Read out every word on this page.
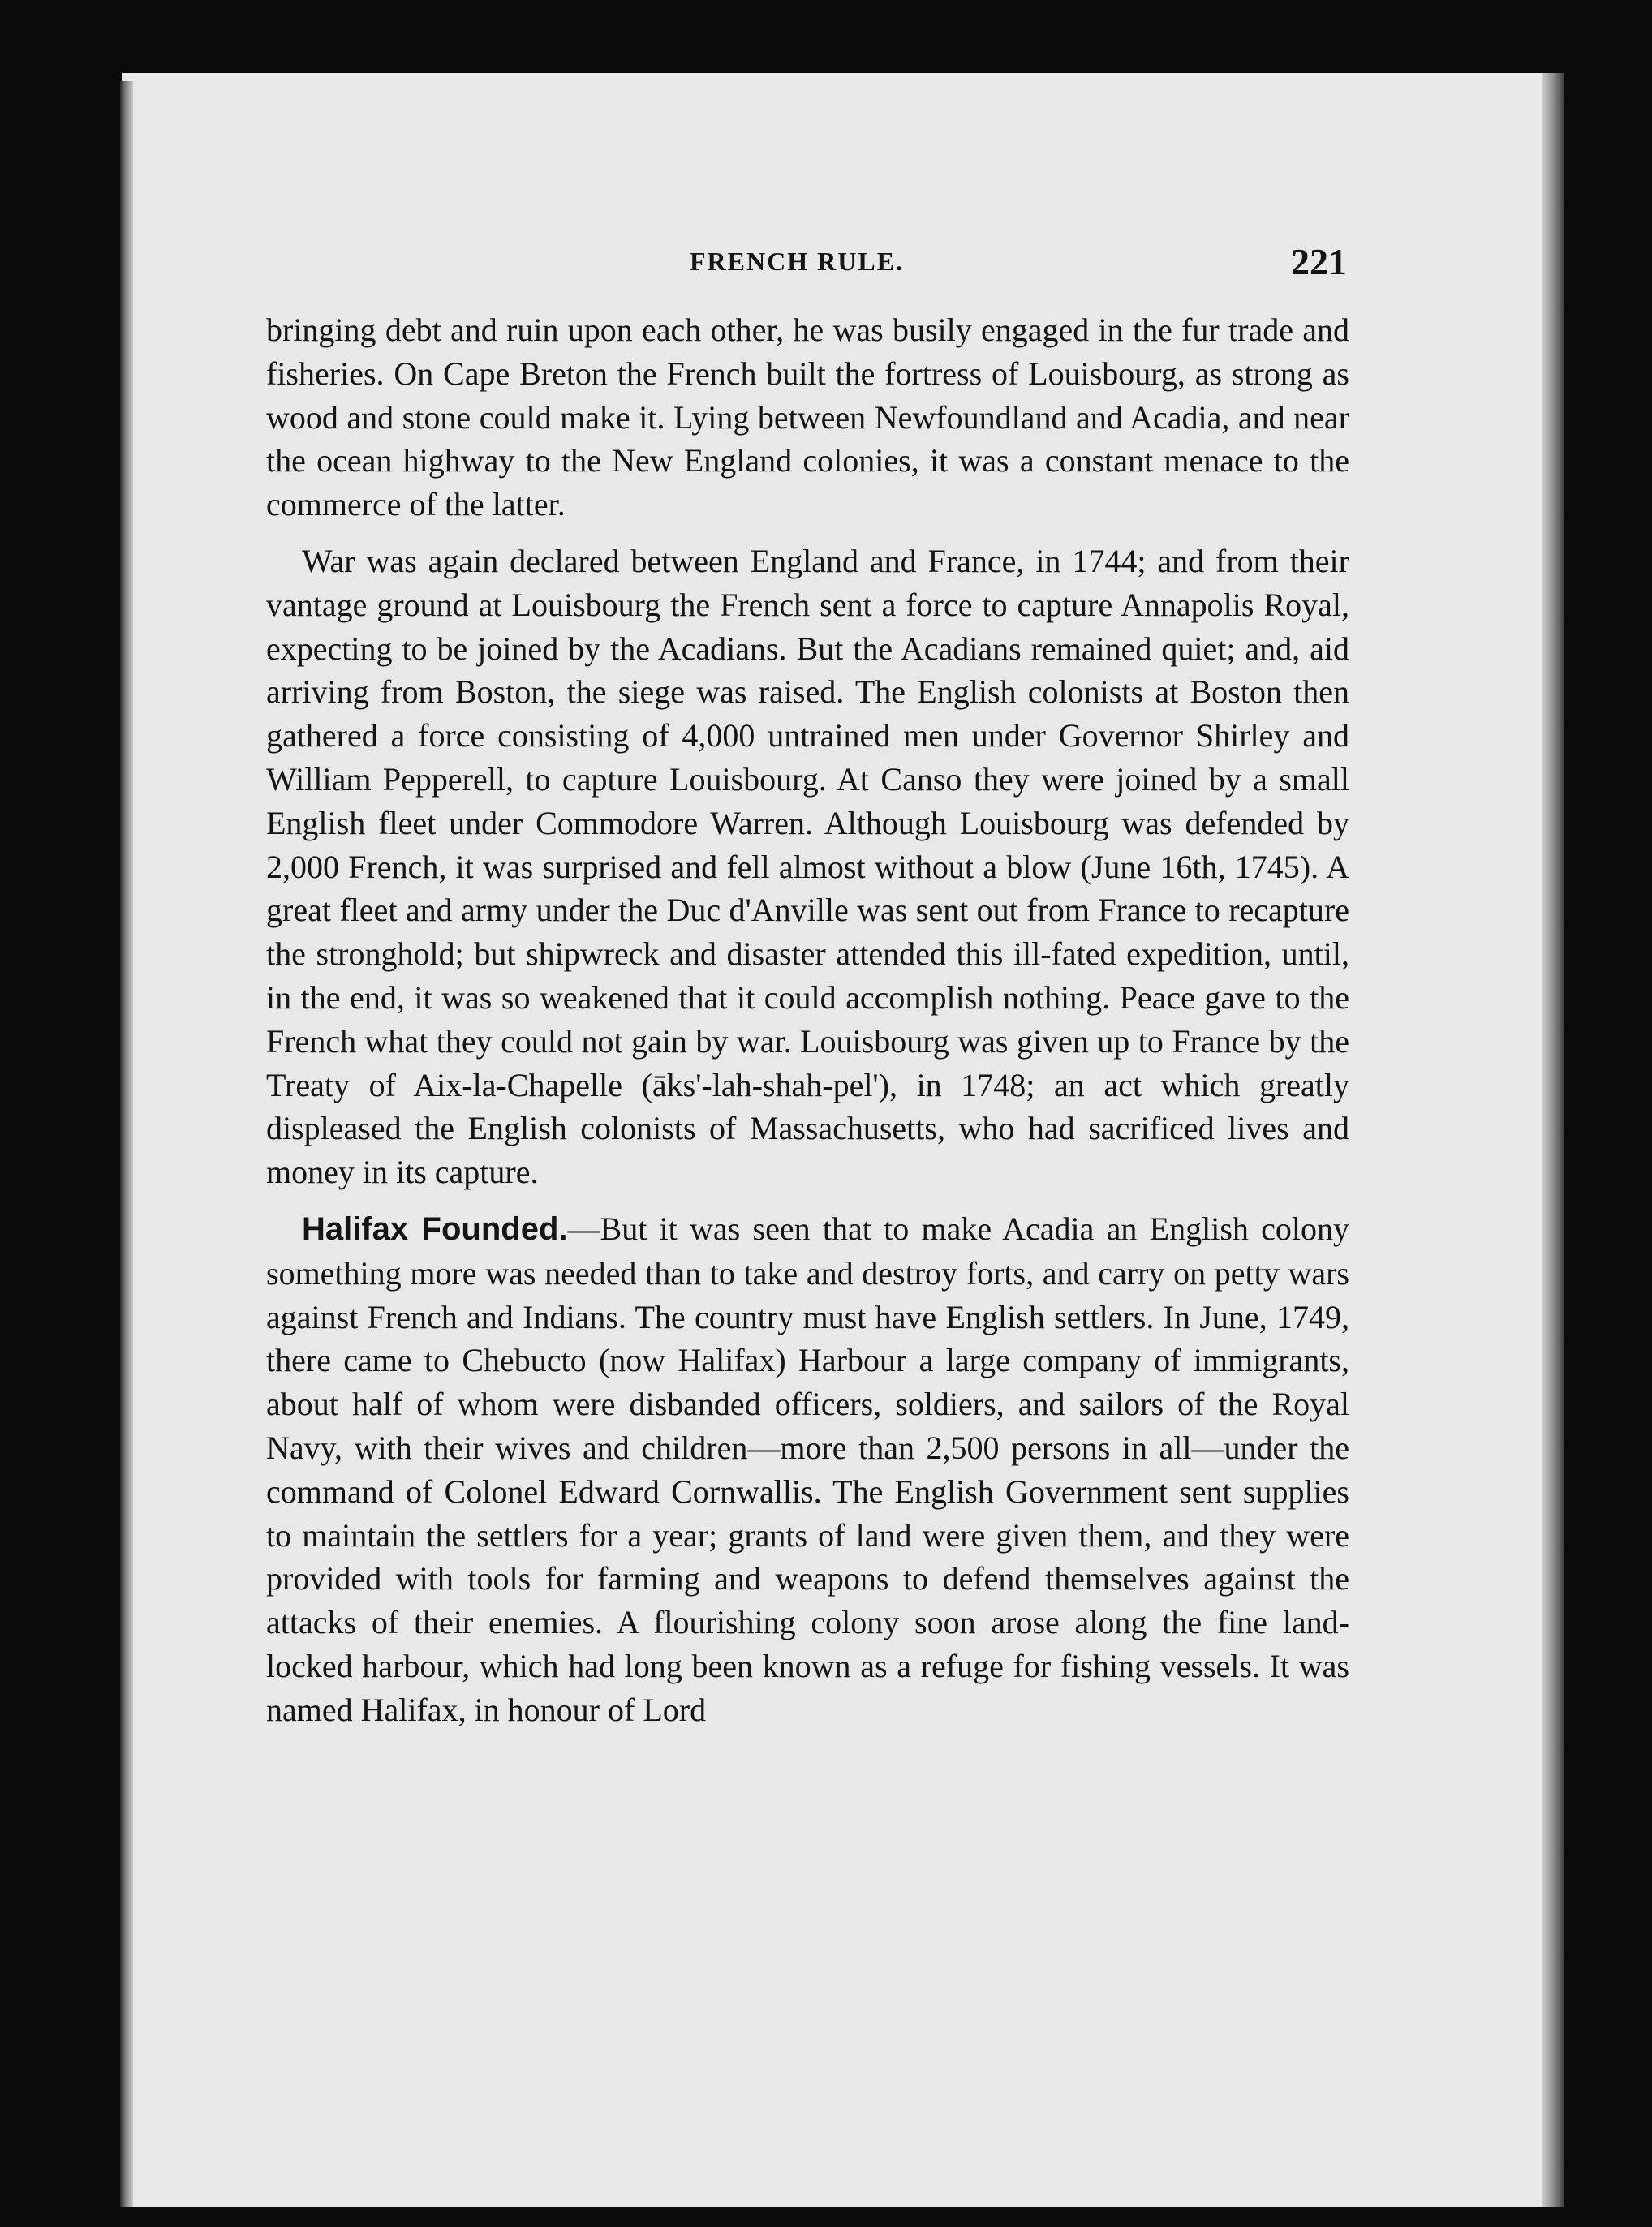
FRENCH RULE.	221

bringing debt and ruin upon each other, he was busily engaged in the fur trade and fisheries. On Cape Breton the French built the fortress of Louisbourg, as strong as wood and stone could make it. Lying between Newfoundland and Acadia, and near the ocean highway to the New England colonies, it was a constant menace to the commerce of the latter.

War was again declared between England and France, in 1744; and from their vantage ground at Louisbourg the French sent a force to capture Annapolis Royal, expecting to be joined by the Acadians. But the Acadians remained quiet; and, aid arriving from Boston, the siege was raised. The English colonists at Boston then gathered a force consisting of 4,000 untrained men under Governor Shirley and William Pepperell, to capture Louisbourg. At Canso they were joined by a small English fleet under Commodore Warren. Although Louisbourg was defended by 2,000 French, it was surprised and fell almost without a blow (June 16th, 1745). A great fleet and army under the Duc d'Anville was sent out from France to recapture the stronghold; but shipwreck and disaster attended this ill-fated expedition, until, in the end, it was so weakened that it could accomplish nothing. Peace gave to the French what they could not gain by war. Louisbourg was given up to France by the Treaty of Aix-la-Chapelle (āks'-lah-shah-pel'), in 1748; an act which greatly displeased the English colonists of Massachusetts, who had sacrificed lives and money in its capture.

Halifax Founded.—But it was seen that to make Acadia an English colony something more was needed than to take and destroy forts, and carry on petty wars against French and Indians. The country must have English settlers. In June, 1749, there came to Chebucto (now Halifax) Harbour a large company of immigrants, about half of whom were disbanded officers, soldiers, and sailors of the Royal Navy, with their wives and children—more than 2,500 persons in all—under the command of Colonel Edward Cornwallis. The English Government sent supplies to maintain the settlers for a year; grants of land were given them, and they were provided with tools for farming and weapons to defend themselves against the attacks of their enemies. A flourishing colony soon arose along the fine land-locked harbour, which had long been known as a refuge for fishing vessels. It was named Halifax, in honour of Lord
